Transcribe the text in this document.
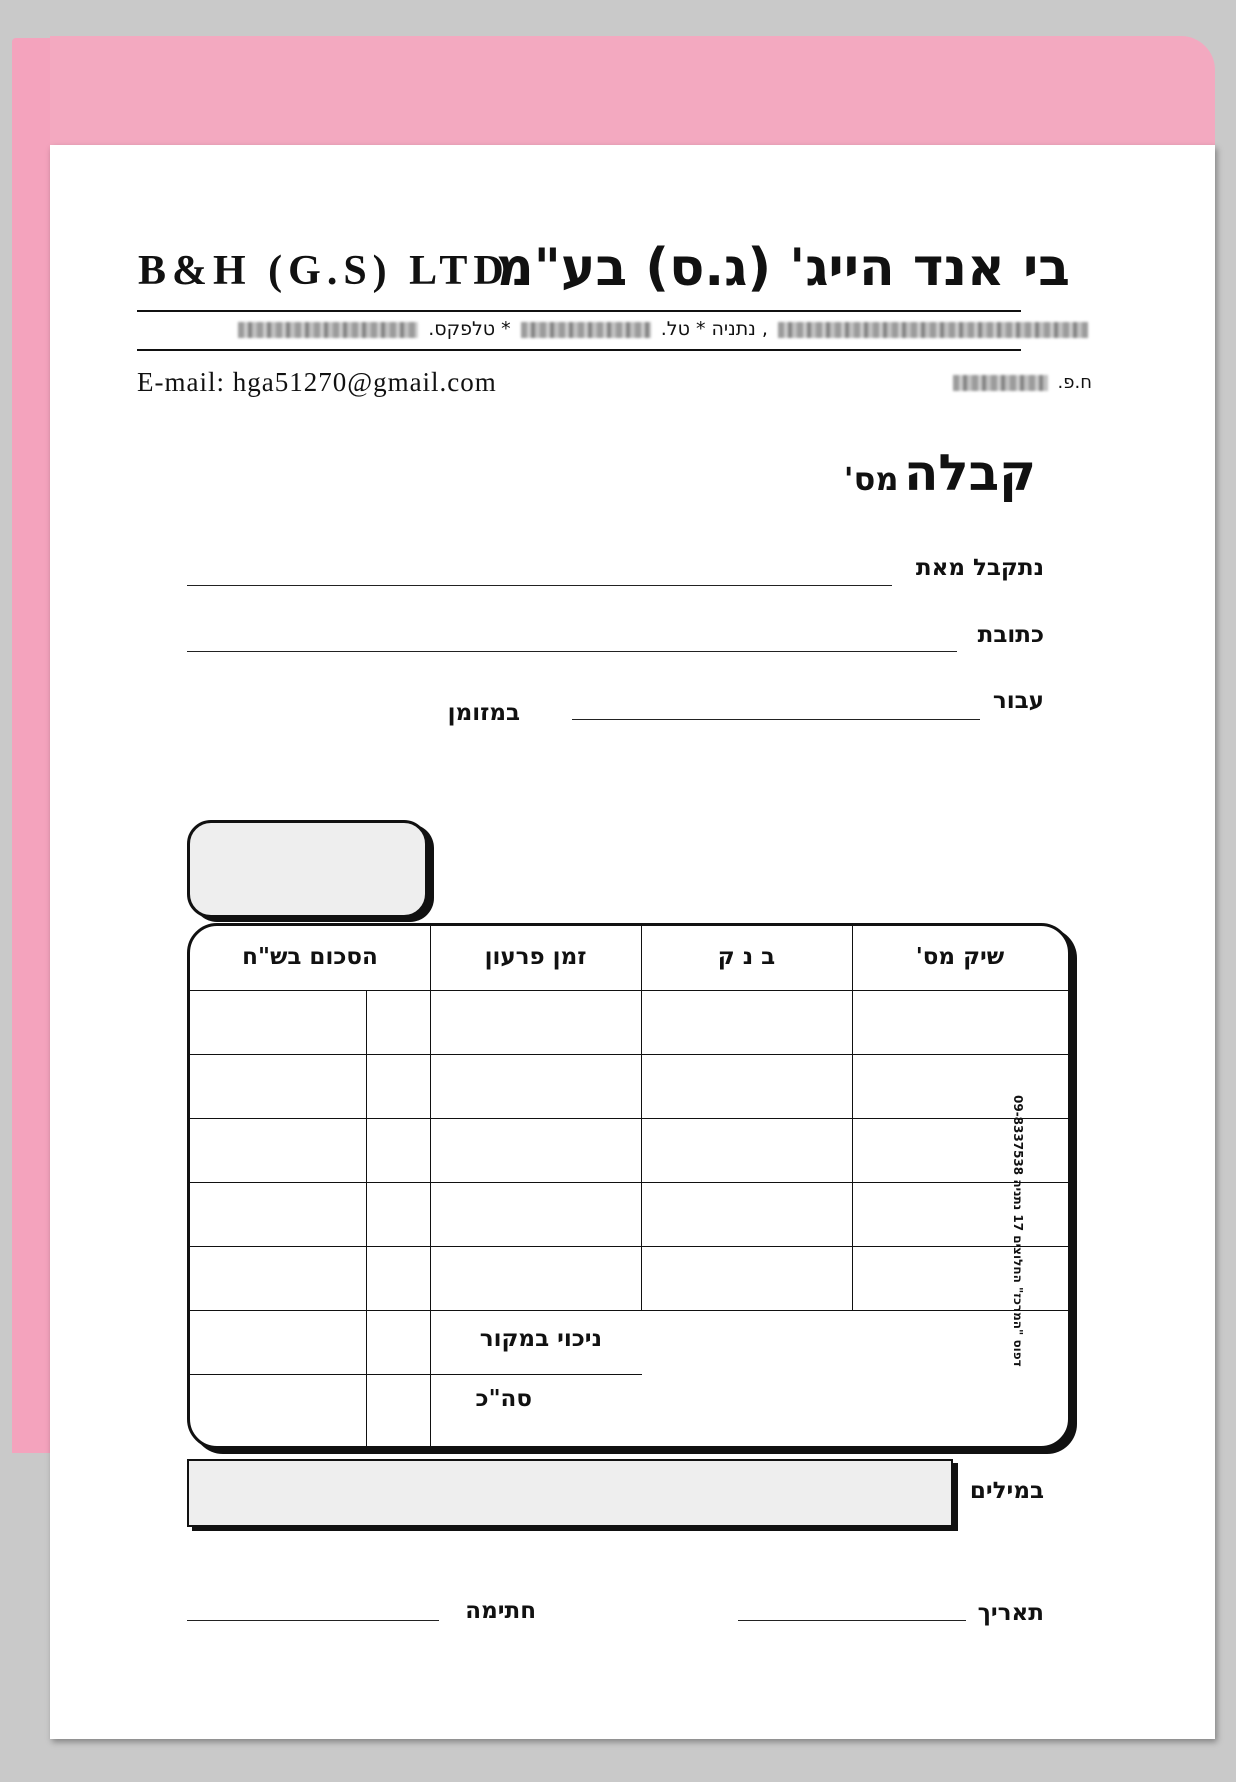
בי אנד הייג' (ג.ס) בע"מ
B&H (G.S) LTD
, נתניה * טל.  * טלפקס.
E-mail: hga51270@gmail.com	ח.פ.
קבלה מס'
נתקבל מאת
כתובת
עבור
במזומן
הסכום בש"ח	זמן פרעון	ב נ ק	שיק מס'
ניכוי במקור
סה"כ
דפוס "המרכז" החלוצים 17 נתניה 09-8337538
במילים
תאריך
חתימה
